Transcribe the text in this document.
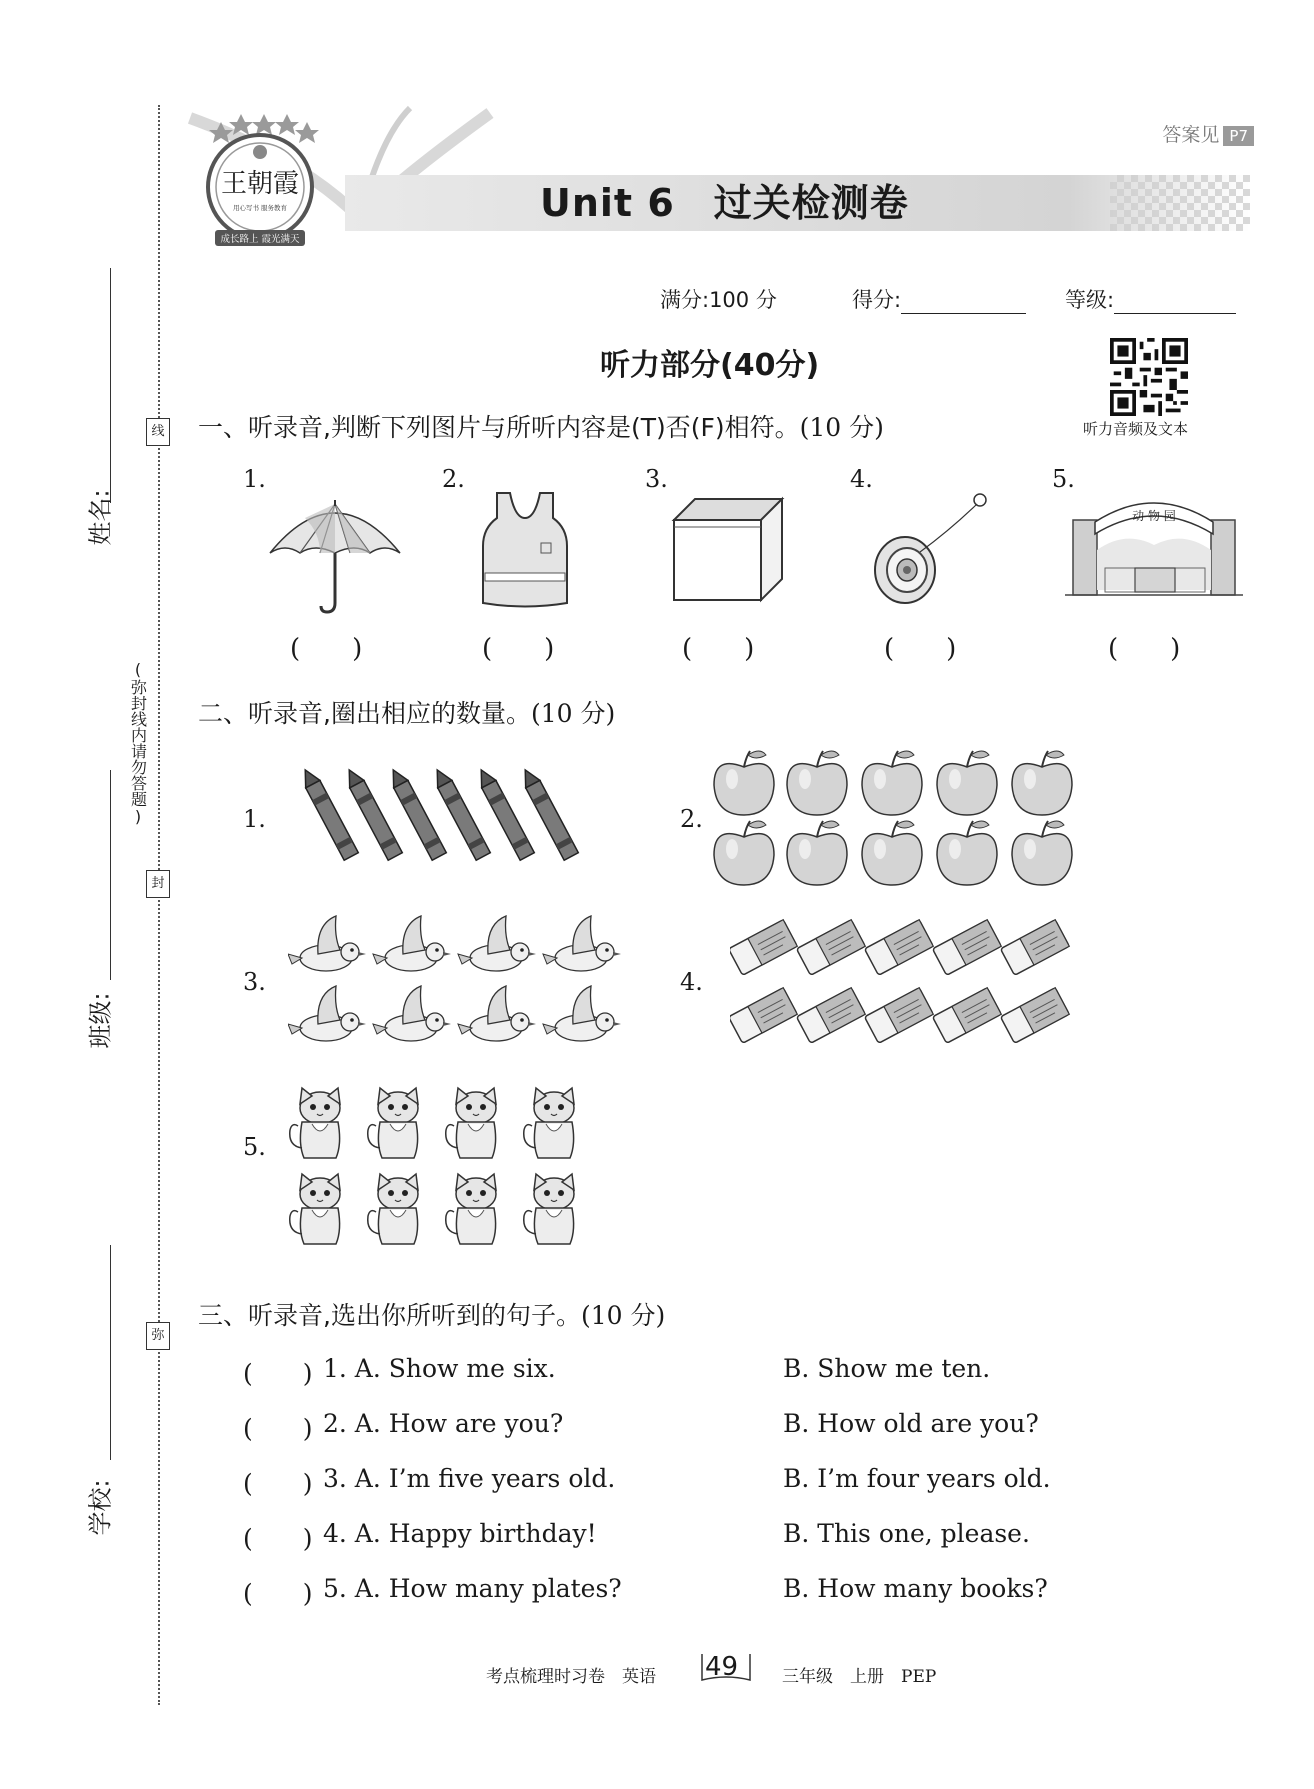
姓名:
班级:
学校:
线
封
弥
(弥封线内请勿答题)
答案见 P7
Unit 6　过关检测卷
王朝霞
用心写书 服务教育
成长路上 霞光满天
满分:100 分	得分:	等级:
听力部分(40分)
听力音频及文本
一、听录音,判断下列图片与所听内容是(T)否(F)相符。(10 分)
1.	2.	3.	4.	5.
动 物 园
(　　)	(　　)	(　　)	(　　)	(　　)
二、听录音,圈出相应的数量。(10 分)
1.	2.
3.	4.
5.
三、听录音,选出你所听到的句子。(10 分)
(　　) 1. A. Show me six.	B. Show me ten.
(　　) 2. A. How are you?	B. How old are you?
(　　) 3. A. I’m five years old.	B. I’m four years old.
(　　) 4. A. Happy birthday!	B. This one, please.
(　　) 5. A. How many plates?	B. How many books?
考点梳理时习卷　英语 49	三年级　上册　PEP
